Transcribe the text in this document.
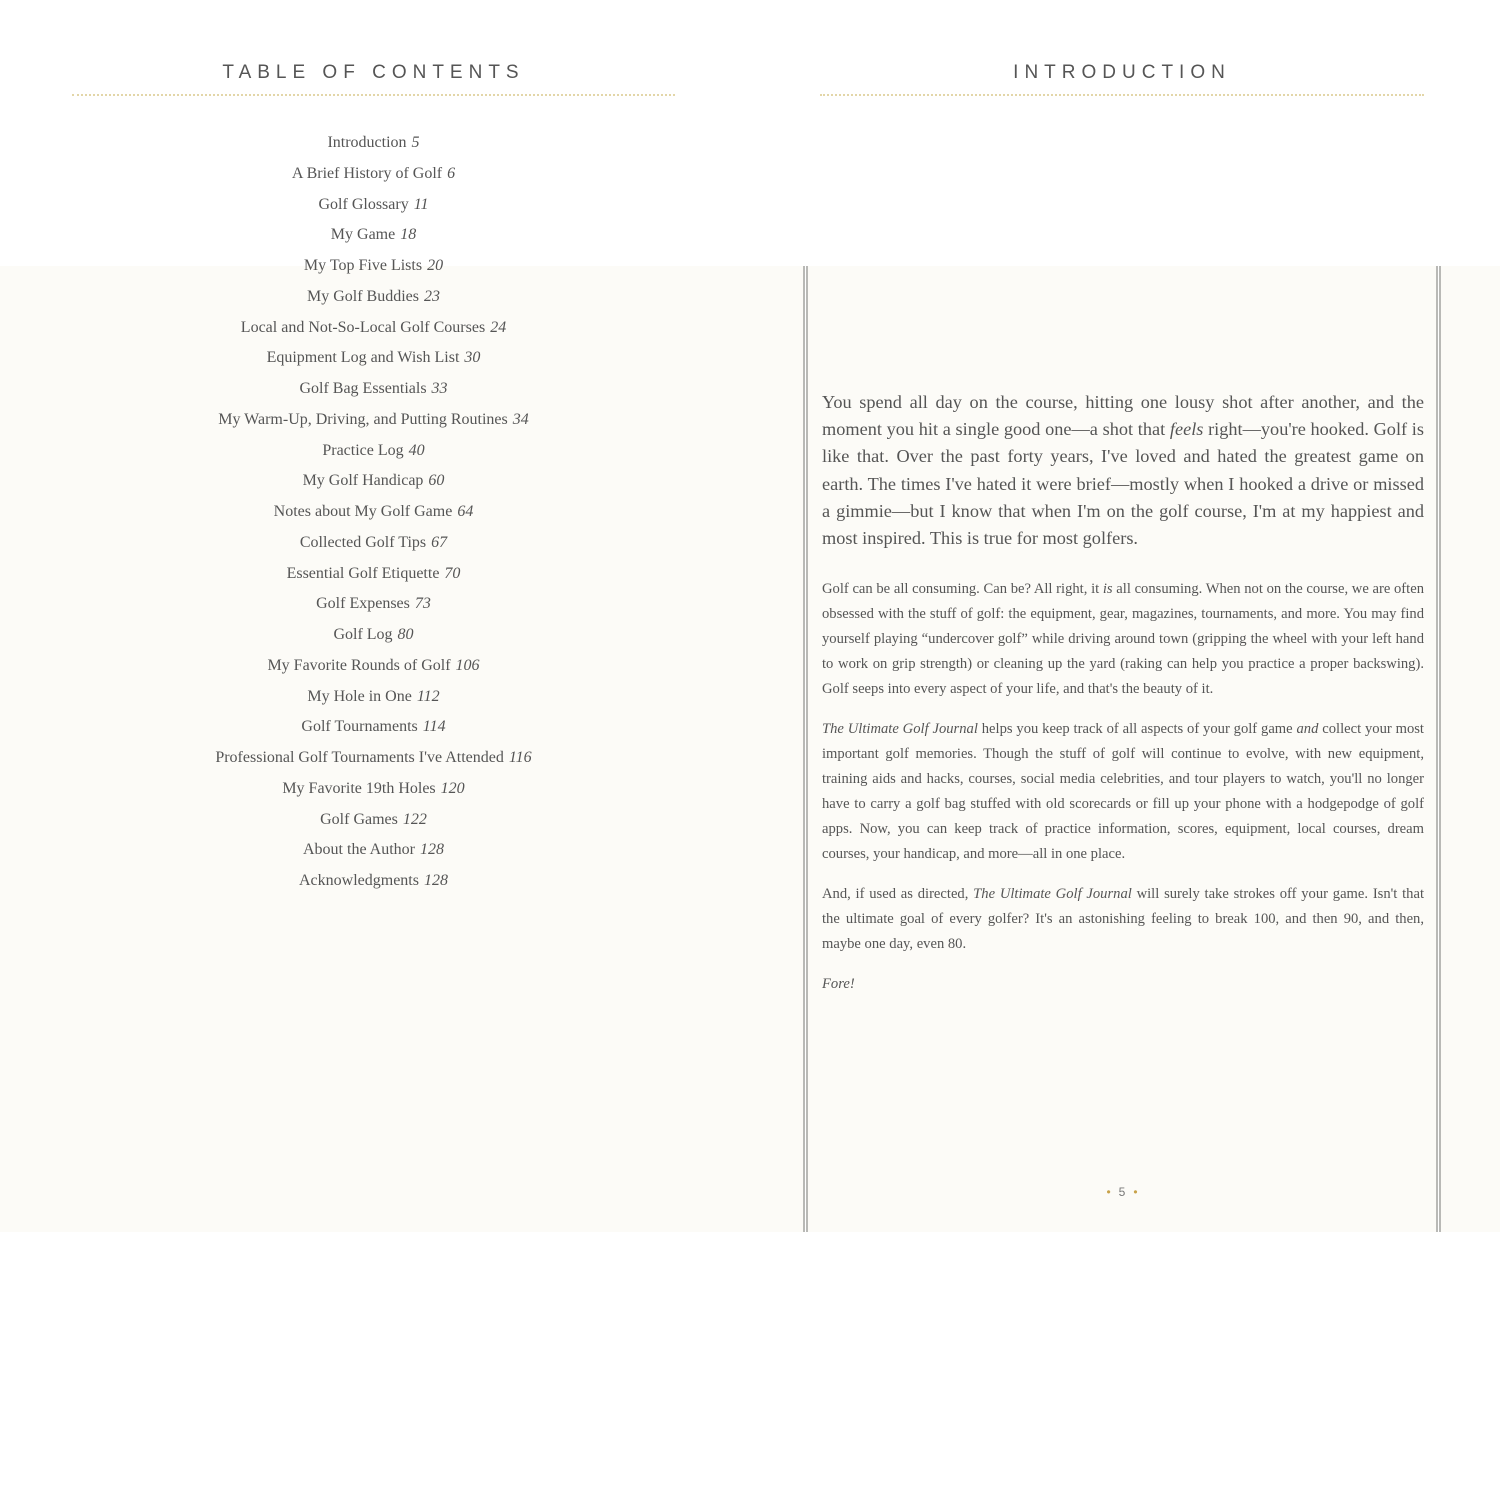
TABLE OF CONTENTS
Introduction 5
A Brief History of Golf 6
Golf Glossary 11
My Game 18
My Top Five Lists 20
My Golf Buddies 23
Local and Not-So-Local Golf Courses 24
Equipment Log and Wish List 30
Golf Bag Essentials 33
My Warm-Up, Driving, and Putting Routines 34
Practice Log 40
My Golf Handicap 60
Notes about My Golf Game 64
Collected Golf Tips 67
Essential Golf Etiquette 70
Golf Expenses 73
Golf Log 80
My Favorite Rounds of Golf 106
My Hole in One 112
Golf Tournaments 114
Professional Golf Tournaments I've Attended 116
My Favorite 19th Holes 120
Golf Games 122
About the Author 128
Acknowledgments 128
INTRODUCTION

You spend all day on the course, hitting one lousy shot after another, and the moment you hit a single good one—a shot that feels right—you're hooked. Golf is like that. Over the past forty years, I've loved and hated the greatest game on earth. The times I've hated it were brief—mostly when I hooked a drive or missed a gimmie—but I know that when I'm on the golf course, I'm at my happiest and most inspired. This is true for most golfers.

Golf can be all consuming. Can be? All right, it is all consuming. When not on the course, we are often obsessed with the stuff of golf: the equipment, gear, magazines, tournaments, and more. You may find yourself playing “undercover golf” while driving around town (gripping the wheel with your left hand to work on grip strength) or cleaning up the yard (raking can help you practice a proper backswing). Golf seeps into every aspect of your life, and that's the beauty of it.

The Ultimate Golf Journal helps you keep track of all aspects of your golf game and collect your most important golf memories. Though the stuff of golf will continue to evolve, with new equipment, training aids and hacks, courses, social media celebrities, and tour players to watch, you'll no longer have to carry a golf bag stuffed with old scorecards or fill up your phone with a hodgepodge of golf apps. Now, you can keep track of practice information, scores, equipment, local courses, dream courses, your handicap, and more—all in one place.

And, if used as directed, The Ultimate Golf Journal will surely take strokes off your game. Isn't that the ultimate goal of every golfer? It's an astonishing feeling to break 100, and then 90, and then, maybe one day, even 80.

Fore!

• 5 •
